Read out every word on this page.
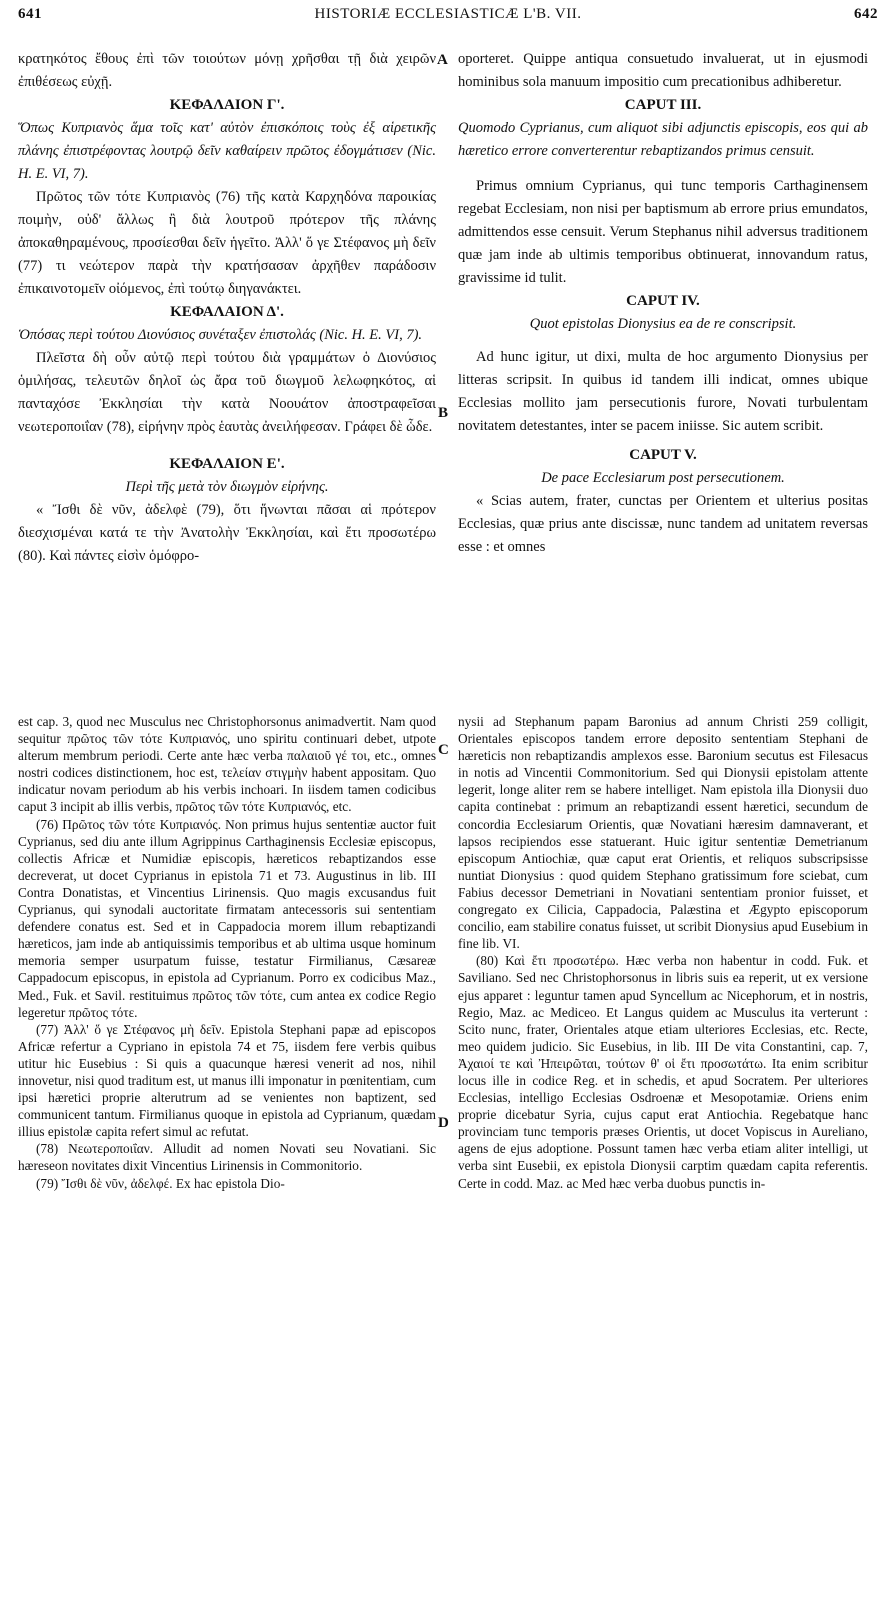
641	HISTORIÆ ECCLESIASTICÆ L'B. VII.	642
A
B
C
D

κρατηκότος ἔθους ἐπὶ τῶν τοιούτων μόνῃ χρῆσθαι τῇ διὰ χειρῶν ἐπιθέσεως εὐχῇ.

ΚΕΦΑΛΑΙΟΝ Γ'.

Ὅπως Κυπριανὸς ἅμα τοῖς κατ' αὐτὸν ἐπισκόποις τοὺς ἐξ αἱρετικῆς πλάνης ἐπιστρέφοντας λουτρῷ δεῖν καθαίρειν πρῶτος ἐδογμάτισεν (Nic. H. E. VI, 7).

Πρῶτος τῶν τότε Κυπριανὸς (76) τῆς κατὰ Καρχηδόνα παροικίας ποιμὴν, οὐδ' ἄλλως ἢ διὰ λουτροῦ πρότερον τῆς πλάνης ἀποκαθηραμένους, προσίεσθαι δεῖν ἡγεῖτο. Ἀλλ' ὅ γε Στέφανος μὴ δεῖν (77) τι νεώτερον παρὰ τὴν κρατήσασαν ἀρχῆθεν παράδοσιν ἐπικαινοτομεῖν οἰόμενος, ἐπὶ τούτῳ διηγανάκτει.

ΚΕΦΑΛΑΙΟΝ Δ'.

Ὁπόσας περὶ τούτου Διονύσιος συνέταξεν ἐπιστολάς (Nic. H. E. VI, 7).

Πλεῖστα δὴ οὖν αὐτῷ περὶ τούτου διὰ γραμμάτων ὁ Διονύσιος ὁμιλήσας, τελευτῶν δηλοῖ ὡς ἄρα τοῦ διωγμοῦ λελωφηκότος, αἱ πανταχόσε Ἐκκλησίαι τὴν κατὰ Νοουάτον ἀποστραφεῖσαι νεωτεροποιΐαν (78), εἰρήνην πρὸς ἑαυτὰς ἀνειλήφεσαν. Γράφει δὲ ὧδε.

ΚΕΦΑΛΑΙΟΝ Ε'.

Περὶ τῆς μετὰ τὸν διωγμὸν εἰρήνης.

« Ἴσθι δὲ νῦν, ἀδελφὲ (79), ὅτι ἥνωνται πᾶσαι αἱ πρότερον διεσχισμέναι κατά τε τὴν Ἀνατολὴν Ἐκκλησίαι, καὶ ἔτι προσωτέρω (80). Καὶ πάντες εἰσὶν ὁμόφρο-

oporteret. Quippe antiqua consuetudo invaluerat, ut in ejusmodi hominibus sola manuum impositio cum precationibus adhiberetur.

CAPUT III.

Quomodo Cyprianus, cum aliquot sibi adjunctis episcopis, eos qui ab hæretico errore converterentur rebaptizandos primus censuit.

Primus omnium Cyprianus, qui tunc temporis Carthaginensem regebat Ecclesiam, non nisi per baptismum ab errore prius emundatos, admittendos esse censuit. Verum Stephanus nihil adversus traditionem quæ jam inde ab ultimis temporibus obtinuerat, innovandum ratus, gravissime id tulit.

CAPUT IV.

Quot epistolas Dionysius ea de re conscripsit.

Ad hunc igitur, ut dixi, multa de hoc argumento Dionysius per litteras scripsit. In quibus id tandem illi indicat, omnes ubique Ecclesias mollito jam persecutionis furore, Novati turbulentam novitatem detestantes, inter se pacem iniisse. Sic autem scribit.

CAPUT V.

De pace Ecclesiarum post persecutionem.

« Scias autem, frater, cunctas per Orientem et ulterius positas Ecclesias, quæ prius ante discissæ, nunc tandem ad unitatem reversas esse : et omnes

est cap. 3, quod nec Musculus nec Christophorsonus animadvertit. Nam quod sequitur πρῶτος τῶν τότε Κυπριανός, uno spiritu continuari debet, utpote alterum membrum periodi. Certe ante hæc verba παλαιοῦ γέ τοι, etc., omnes nostri codices distinctionem, hoc est, τελείαν στιγμὴν habent appositam. Quo indicatur novam periodum ab his verbis inchoari. In iisdem tamen codicibus caput 3 incipit ab illis verbis, πρῶτος τῶν τότε Κυπριανός, etc.

(76) Πρῶτος τῶν τότε Κυπριανός. Non primus hujus sententiæ auctor fuit Cyprianus, sed diu ante illum Agrippinus Carthaginensis Ecclesiæ episcopus, collectis Africæ et Numidiæ episcopis, hæreticos rebaptizandos esse decreverat, ut docet Cyprianus in epistola 71 et 73. Augustinus in lib. III Contra Donatistas, et Vincentius Lirinensis. Quo magis excusandus fuit Cyprianus, qui synodali auctoritate firmatam antecessoris sui sententiam defendere conatus est. Sed et in Cappadocia morem illum rebaptizandi hæreticos, jam inde ab antiquissimis temporibus et ab ultima usque hominum memoria semper usurpatum fuisse, testatur Firmilianus, Cæsareæ Cappadocum episcopus, in epistola ad Cyprianum. Porro ex codicibus Maz., Med., Fuk. et Savil. restituimus πρῶτος τῶν τότε, cum antea ex codice Regio legeretur πρῶτος τότε.

(77) Ἀλλ' ὅ γε Στέφανος μὴ δεῖν. Epistola Stephani papæ ad episcopos Africæ refertur a Cypriano in epistola 74 et 75, iisdem fere verbis quibus utitur hic Eusebius : Si quis a quacunque hæresi venerit ad nos, nihil innovetur, nisi quod traditum est, ut manus illi imponatur in pœnitentiam, cum ipsi hæretici proprie alterutrum ad se venientes non baptizent, sed communicent tantum. Firmilianus quoque in epistola ad Cyprianum, quædam illius epistolæ capita refert simul ac refutat.

(78) Νεωτεροποιΐαν. Alludit ad nomen Novati seu Novatiani. Sic hæreseon novitates dixit Vincentius Lirinensis in Commonitorio.

(79) Ἴσθι δὲ νῦν, ἀδελφέ. Ex hac epistola Dio-

nysii ad Stephanum papam Baronius ad annum Christi 259 colligit, Orientales episcopos tandem errore deposito sententiam Stephani de hæreticis non rebaptizandis amplexos esse. Baronium secutus est Filesacus in notis ad Vincentii Commonitorium. Sed qui Dionysii epistolam attente legerit, longe aliter rem se habere intelliget. Nam epistola illa Dionysii duo capita continebat : primum an rebaptizandi essent hæretici, secundum de concordia Ecclesiarum Orientis, quæ Novatiani hæresim damnaverant, et lapsos recipiendos esse statuerant. Huic igitur sententiæ Demetrianum episcopum Antiochiæ, quæ caput erat Orientis, et reliquos subscripsisse nuntiat Dionysius : quod quidem Stephano gratissimum fore sciebat, cum Fabius decessor Demetriani in Novatiani sententiam pronior fuisset, et congregato ex Cilicia, Cappadocia, Palæstina et Ægypto episcoporum concilio, eam stabilire conatus fuisset, ut scribit Dionysius apud Eusebium in fine lib. VI.

(80) Καὶ ἔτι προσωτέρω. Hæc verba non habentur in codd. Fuk. et Saviliano. Sed nec Christophorsonus in libris suis ea reperit, ut ex versione ejus apparet : leguntur tamen apud Syncellum ac Nicephorum, et in nostris, Regio, Maz. ac Mediceo. Et Langus quidem ac Musculus ita verterunt : Scito nunc, frater, Orientales atque etiam ulteriores Ecclesias, etc. Recte, meo quidem judicio. Sic Eusebius, in lib. III De vita Constantini, cap. 7, Ἀχαιοί τε καὶ Ἠπειρῶται, τούτων θ' οἱ ἔτι προσωτάτω. Ita enim scribitur locus ille in codice Reg. et in schedis, et apud Socratem. Per ulteriores Ecclesias, intelligo Ecclesias Osdroenæ et Mesopotamiæ. Oriens enim proprie dicebatur Syria, cujus caput erat Antiochia. Regebatque hanc provinciam tunc temporis præses Orientis, ut docet Vopiscus in Aureliano, agens de ejus adoptione. Possunt tamen hæc verba etiam aliter intelligi, ut verba sint Eusebii, ex epistola Dionysii carptim quædam capita referentis. Certe in codd. Maz. ac Med hæc verba duobus punctis in-
